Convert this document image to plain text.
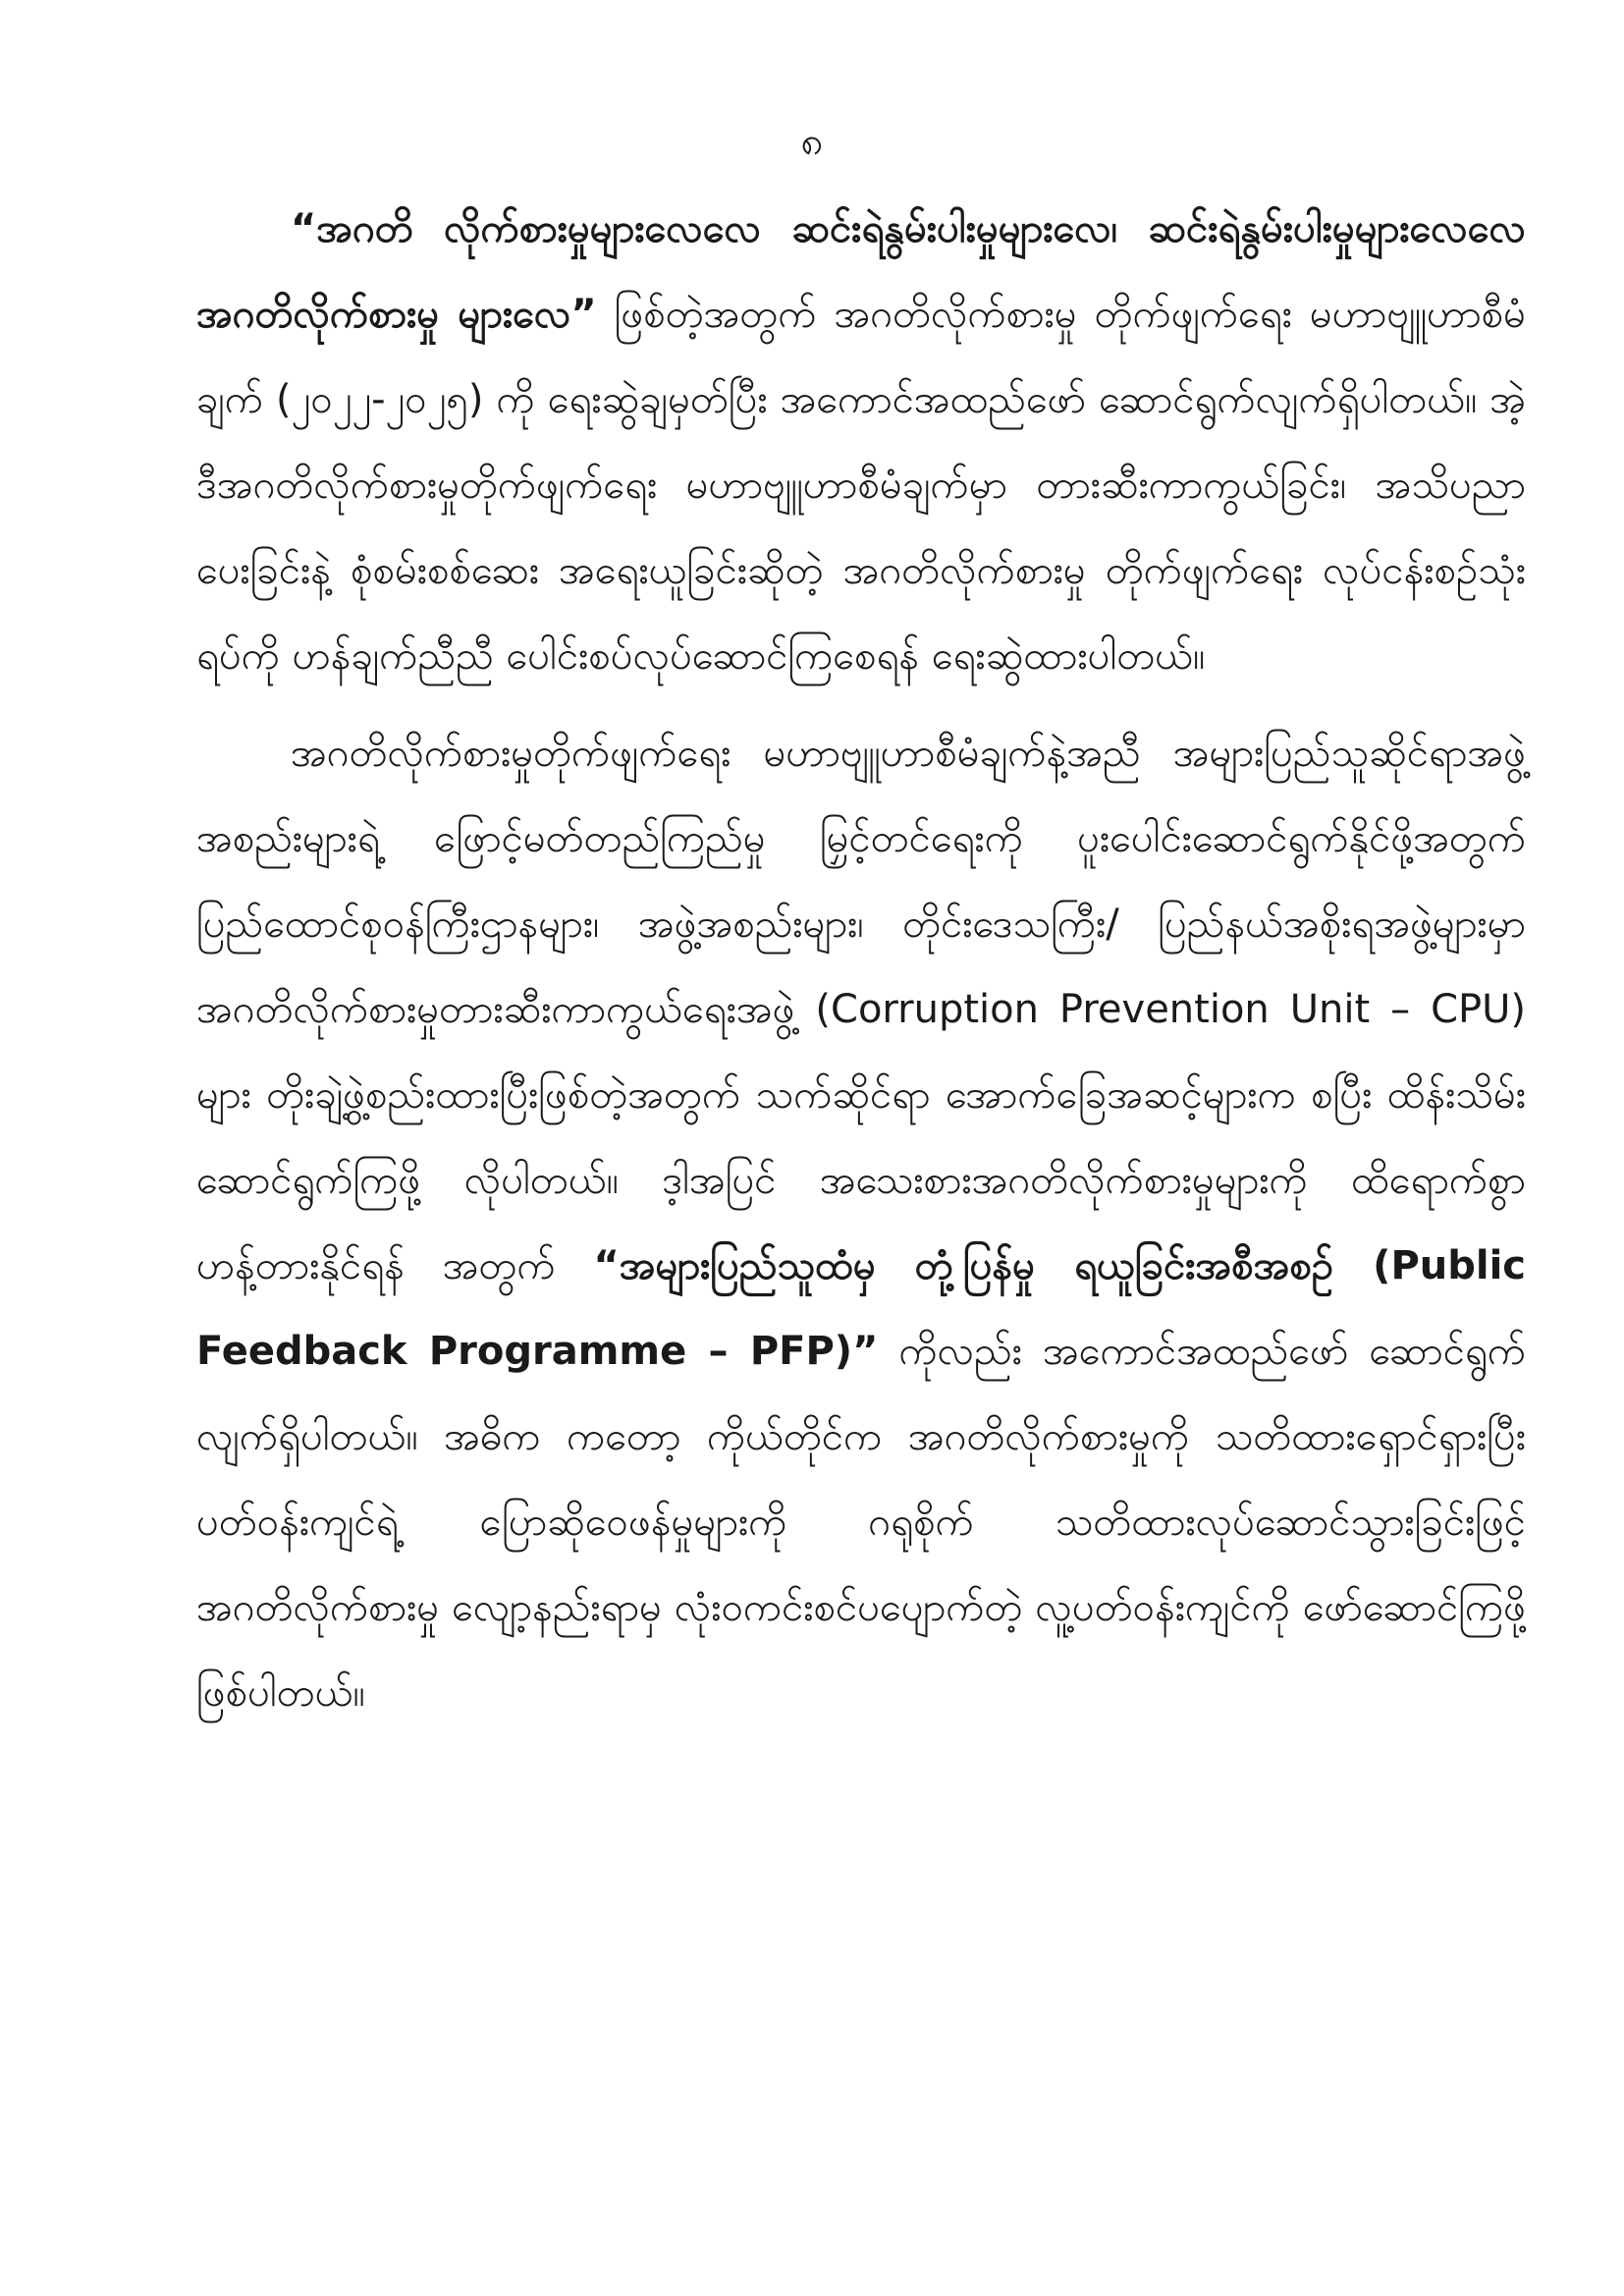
၈

“အဂတိ လိုက်စားမှုများလေလေ ဆင်းရဲနွမ်းပါးမှုများလေ၊ ဆင်းရဲနွမ်းပါးမှုများလေလေ အဂတိလိုက်စားမှု များလေ” ဖြစ်တဲ့အတွက် အဂတိလိုက်စားမှု တိုက်ဖျက်ရေး မဟာဗျူဟာစီမံချက် (၂၀၂၂-၂၀၂၅) ကို ရေးဆွဲချမှတ်ပြီး အကောင်အထည်ဖော် ဆောင်ရွက်လျက်ရှိပါတယ်။ အဲ့ဒီအဂတိလိုက်စားမှုတိုက်ဖျက်ရေး မဟာဗျူဟာစီမံချက်မှာ တားဆီးကာကွယ်ခြင်း၊ အသိပညာပေးခြင်းနဲ့ စုံစမ်းစစ်ဆေး အရေးယူခြင်းဆိုတဲ့ အဂတိလိုက်စားမှု တိုက်ဖျက်ရေး လုပ်ငန်းစဉ်သုံးရပ်ကို ဟန်ချက်ညီညီ ပေါင်းစပ်လုပ်ဆောင်ကြစေရန် ရေးဆွဲထားပါတယ်။

အဂတိလိုက်စားမှုတိုက်ဖျက်ရေး မဟာဗျူဟာစီမံချက်နဲ့အညီ အများပြည်သူဆိုင်ရာအဖွဲ့အစည်းများရဲ့ ဖြောင့်မတ်တည်ကြည်မှု မြှင့်တင်ရေးကို ပူးပေါင်းဆောင်ရွက်နိုင်ဖို့အတွက် ပြည်ထောင်စုဝန်ကြီးဌာနများ၊ အဖွဲ့အစည်းများ၊ တိုင်းဒေသကြီး/ ပြည်နယ်အစိုးရအဖွဲ့များမှာ အဂတိလိုက်စားမှုတားဆီးကာကွယ်ရေးအဖွဲ့ (Corruption Prevention Unit – CPU) များ တိုးချဲ့ဖွဲ့စည်းထားပြီးဖြစ်တဲ့အတွက် သက်ဆိုင်ရာ အောက်ခြေအဆင့်များက စပြီး ထိန်းသိမ်းဆောင်ရွက်ကြဖို့ လိုပါတယ်။ ဒ့ါအပြင် အသေးစားအဂတိလိုက်စားမှုများကို ထိရောက်စွာ ဟန့်တားနိုင်ရန် အတွက် “အများပြည်သူထံမှ တုံ့ပြန်မှု ရယူခြင်းအစီအစဉ် (Public Feedback Programme – PFP)” ကိုလည်း အကောင်အထည်ဖော် ဆောင်ရွက်လျက်ရှိပါတယ်။ အဓိက ကတော့ ကိုယ်တိုင်က အဂတိလိုက်စားမှုကို သတိထားရှောင်ရှားပြီး ပတ်ဝန်းကျင်ရဲ့ ပြောဆိုဝေဖန်မှုများကို ဂရုစိုက် သတိထားလုပ်ဆောင်သွားခြင်းဖြင့် အဂတိလိုက်စားမှု လျော့နည်းရာမှ လုံးဝကင်းစင်ပပျောက်တဲ့ လူ့ပတ်ဝန်းကျင်ကို ဖော်ဆောင်ကြဖို့ ဖြစ်ပါတယ်။
